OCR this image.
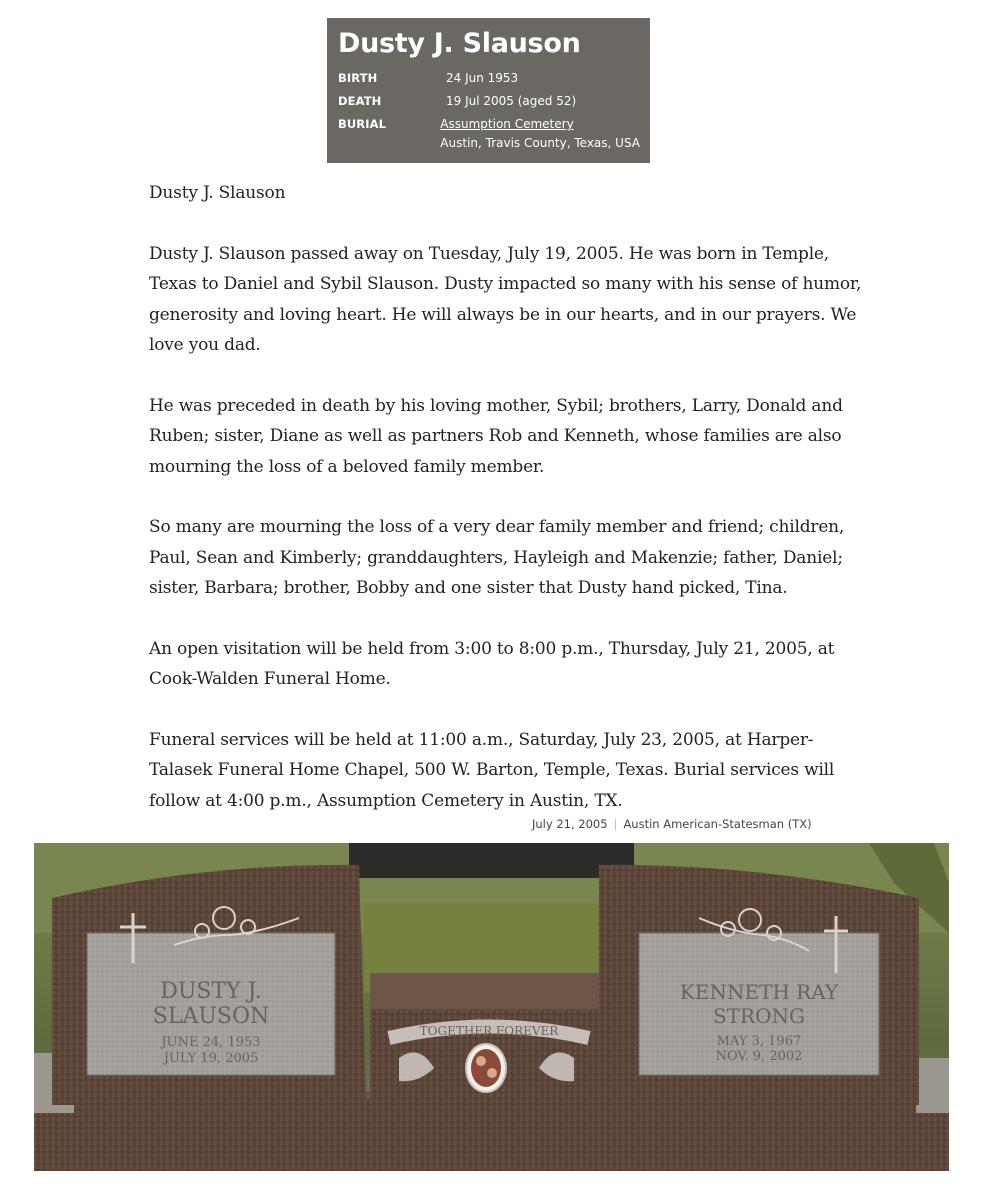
Dusty J. Slauson
BIRTH	24 Jun 1953
DEATH	19 Jul 2005 (aged 52)
BURIAL	Assumption Cemetery
Austin, Travis County, Texas, USA

Dusty J. Slauson

Dusty J. Slauson passed away on Tuesday, July 19, 2005. He was born in Temple, Texas to Daniel and Sybil Slauson. Dusty impacted so many with his sense of humor, generosity and loving heart. He will always be in our hearts, and in our prayers. We love you dad.

He was preceded in death by his loving mother, Sybil; brothers, Larry, Donald and Ruben; sister, Diane as well as partners Rob and Kenneth, whose families are also mourning the loss of a beloved family member.

So many are mourning the loss of a very dear family member and friend; children, Paul, Sean and Kimberly; granddaughters, Hayleigh and Makenzie; father, Daniel; sister, Barbara; brother, Bobby and one sister that Dusty hand picked, Tina.

An open visitation will be held from 3:00 to 8:00 p.m., Thursday, July 21, 2005, at Cook-Walden Funeral Home.

Funeral services will be held at 11:00 a.m., Saturday, July 23, 2005, at Harper-Talasek Funeral Home Chapel, 500 W. Barton, Temple, Texas. Burial services will follow at 4:00 p.m., Assumption Cemetery in Austin, TX.

July 21, 2005 | Austin American-Statesman (TX)
DUSTY J.
SLAUSON
JUNE 24, 1953
JULY 19, 2005
TOGETHER FOREVER
KENNETH RAY
STRONG
MAY 3, 1967
NOV. 9, 2002
